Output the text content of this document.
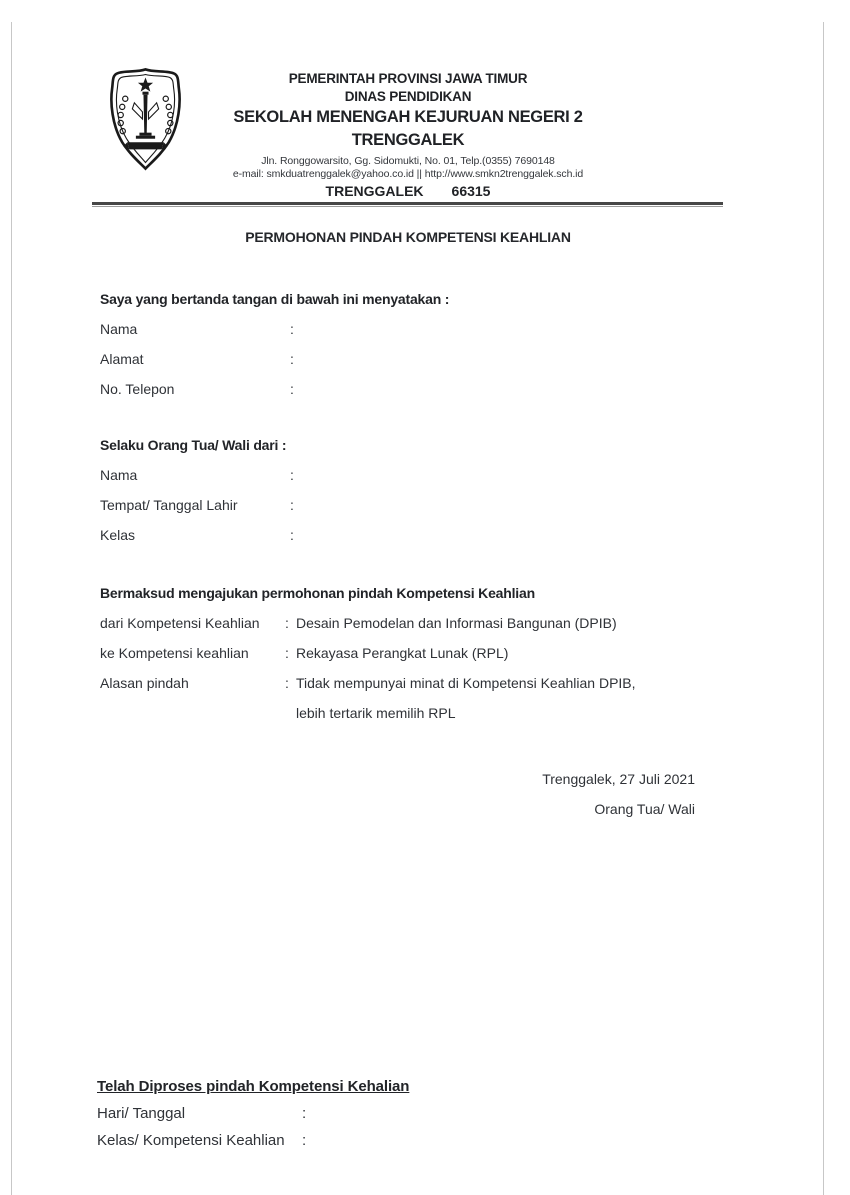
PEMERINTAH PROVINSI JAWA TIMUR
DINAS PENDIDIKAN
SEKOLAH MENENGAH KEJURUAN NEGERI 2
TRENGGALEK
Jln. Ronggowarsito, Gg. Sidomukti, No. 01, Telp.(0355) 7690148
e-mail: smkduatrenggalek@yahoo.co.id || http://www.smkn2trenggalek.sch.id
TRENGGALEK 66315
PERMOHONAN PINDAH KOMPETENSI KEAHLIAN
Saya yang bertanda tangan di bawah ini menyatakan :
Nama	:
Alamat	:
No. Telepon	:
Selaku Orang Tua/ Wali dari :
Nama	:
Tempat/ Tanggal Lahir	:
Kelas	:
Bermaksud mengajukan permohonan pindah Kompetensi Keahlian
dari Kompetensi Keahlian	: Desain Pemodelan dan Informasi Bangunan (DPIB)
ke Kompetensi keahlian	: Rekayasa Perangkat Lunak (RPL)
Alasan pindah	: Tidak mempunyai minat di Kompetensi Keahlian DPIB,
lebih tertarik memilih RPL
Trenggalek, 27 Juli 2021
Orang Tua/ Wali
Telah Diproses pindah Kompetensi Kehalian
Hari/ Tanggal	:
Kelas/ Kompetensi Keahlian	:
